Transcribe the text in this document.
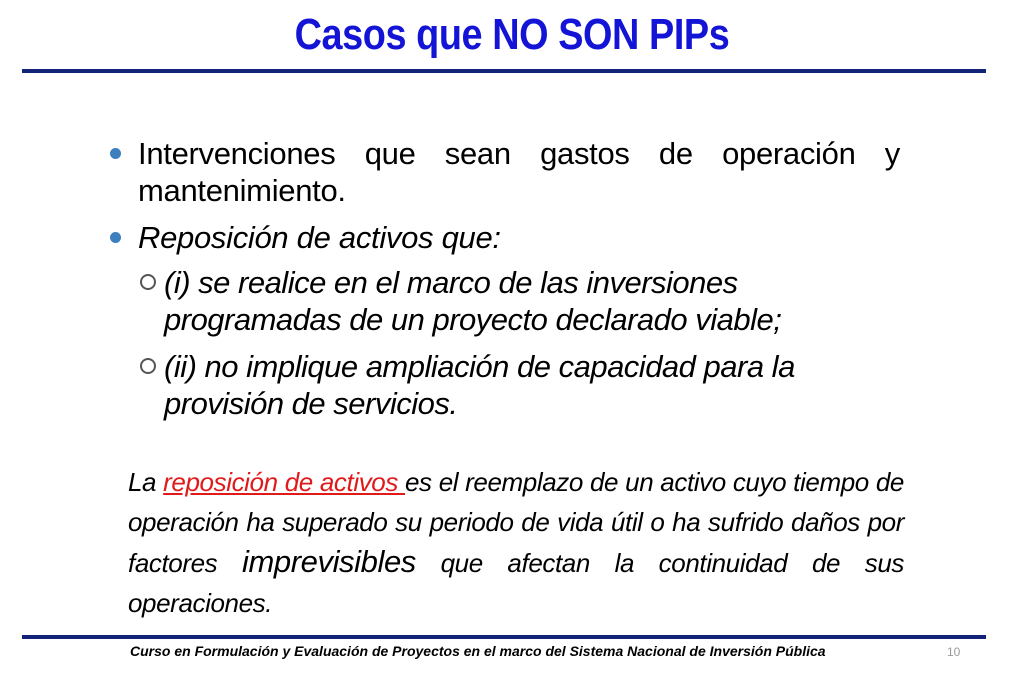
Casos que NO SON PIPs
Intervenciones que sean gastos de operación y mantenimiento.
Reposición de activos que:
(i) se realice en el marco de las inversiones programadas de un proyecto declarado viable;
(ii) no implique ampliación de capacidad para la provisión de servicios.
La reposición de activos es el reemplazo de un activo cuyo tiempo de operación ha superado su periodo de vida útil o ha sufrido daños por factores imprevisibles que afectan la continuidad de sus operaciones.
Curso en Formulación y Evaluación de Proyectos en el marco del Sistema Nacional de Inversión Pública	10
